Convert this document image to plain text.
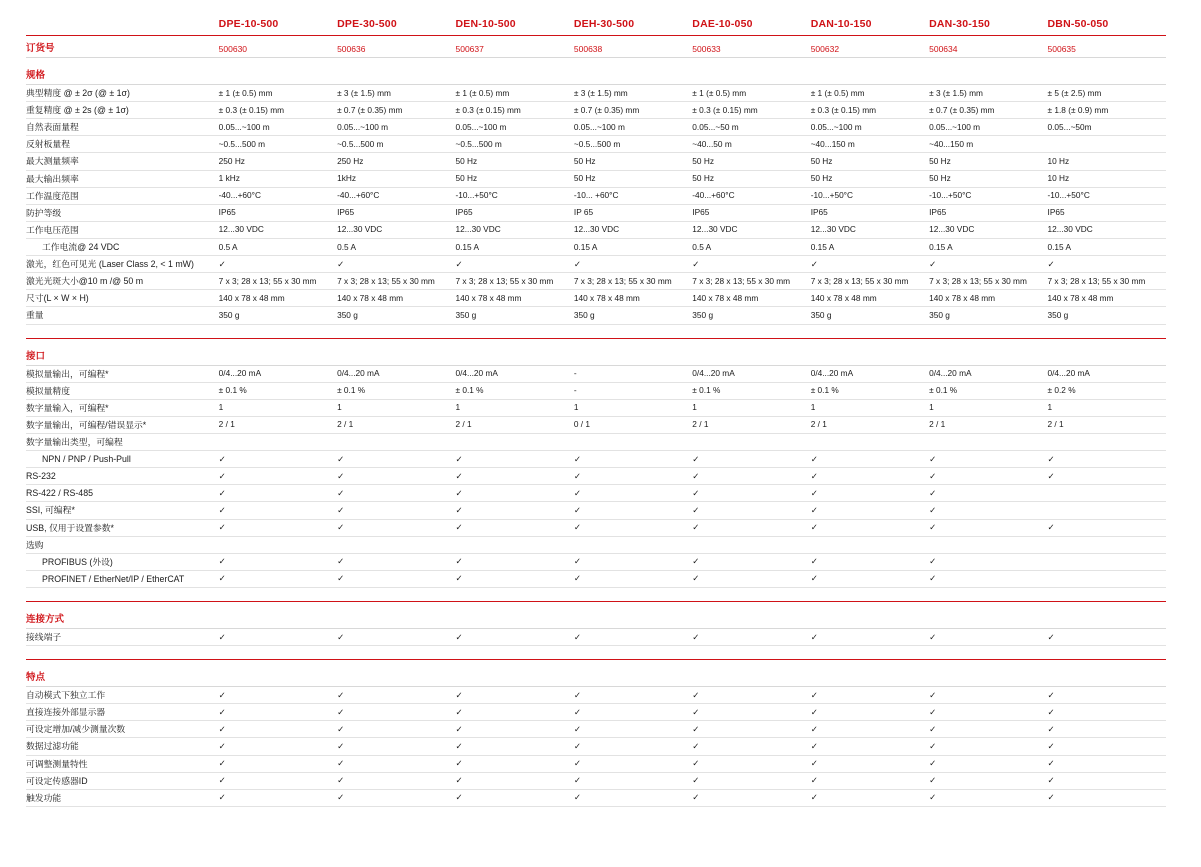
	DPE-10-500	DPE-30-500	DEN-10-500	DEH-30-500	DAE-10-050	DAN-10-150	DAN-30-150	DBN-50-050
订货号	500630	500636	500637	500638	500633	500632	500634	500635
规格								
典型精度 @ ± 2σ (@ ± 1σ)	± 1 (± 0.5) mm	± 3 (± 1.5) mm	± 1 (± 0.5) mm	± 3 (± 1.5) mm	± 1 (± 0.5) mm	± 1 (± 0.5) mm	± 3 (± 1.5) mm	± 5 (± 2.5) mm
重复精度 @ ± 2s (@ ± 1σ)	± 0.3 (± 0.15) mm	± 0.7 (± 0.35) mm	± 0.3 (± 0.15) mm	± 0.7 (± 0.35) mm	± 0.3 (± 0.15) mm	± 0.3 (± 0.15) mm	± 0.7 (± 0.35) mm	± 1.8 (± 0.9) mm
自然表面量程	0.05...~100 m	0.05...~100 m	0.05...~100 m	0.05...~100 m	0.05...~50 m	0.05...~100 m	0.05...~100 m	0.05...~50m
反射板量程	~0.5...500 m	~0.5...500 m	~0.5...500 m	~0.5...500 m	~40...50 m	~40...150 m	~40...150 m	
最大测量频率	250 Hz	250 Hz	50 Hz	50 Hz	50 Hz	50 Hz	50 Hz	10 Hz
最大输出频率	1 kHz	1kHz	50 Hz	50 Hz	50 Hz	50 Hz	50 Hz	10 Hz
工作温度范围	-40...+60°C	-40...+60°C	-10...+50°C	-10... +60°C	-40...+60°C	-10...+50°C	-10...+50°C	-10...+50°C
防护等级	IP65	IP65	IP65	IP 65	IP65	IP65	IP65	IP65
工作电压范围	12...30 VDC	12...30 VDC	12...30 VDC	12...30 VDC	12...30 VDC	12...30 VDC	12...30 VDC	12...30 VDC
工作电流@ 24 VDC	0.5 A	0.5 A	0.15 A	0.15 A	0.5 A	0.15 A	0.15 A	0.15 A
激光，红色可见光 (Laser Class 2, < 1 mW)	✓	✓	✓	✓	✓	✓	✓	✓
激光光斑大小@10 m /@ 50 m	7 x 3; 28 x 13; 55 x 30 mm	7 x 3; 28 x 13; 55 x 30 mm	7 x 3; 28 x 13; 55 x 30 mm	7 x 3; 28 x 13; 55 x 30 mm	7 x 3; 28 x 13; 55 x 30 mm	7 x 3; 28 x 13; 55 x 30 mm	7 x 3; 28 x 13; 55 x 30 mm	7 x 3; 28 x 13; 55 x 30 mm
尺寸(L × W × H)	140 x 78 x 48 mm	140 x 78 x 48 mm	140 x 78 x 48 mm	140 x 78 x 48 mm	140 x 78 x 48 mm	140 x 78 x 48 mm	140 x 78 x 48 mm	140 x 78 x 48 mm
重量	350 g	350 g	350 g	350 g	350 g	350 g	350 g	350 g

接口								
模拟量输出，可编程*	0/4...20 mA	0/4...20 mA	0/4...20 mA	-	0/4...20 mA	0/4...20 mA	0/4...20 mA	0/4...20 mA
模拟量精度	± 0.1 %	± 0.1 %	± 0.1 %	-	± 0.1 %	± 0.1 %	± 0.1 %	± 0.2 %
数字量输入，可编程*	1	1	1	1	1	1	1	1
数字量输出，可编程/错误显示*	2 / 1	2 / 1	2 / 1	0 / 1	2 / 1	2 / 1	2 / 1	2 / 1
数字量输出类型，可编程								
NPN / PNP / Push-Pull	✓	✓	✓	✓	✓	✓	✓	✓
RS-232	✓	✓	✓	✓	✓	✓	✓	✓
RS-422 / RS-485	✓	✓	✓	✓	✓	✓	✓	
SSI, 可编程*	✓	✓	✓	✓	✓	✓	✓	
USB, 仅用于设置参数*	✓	✓	✓	✓	✓	✓	✓	✓
选购								
PROFIBUS (外设)	✓	✓	✓	✓	✓	✓	✓	
PROFINET / EtherNet/IP / EtherCAT	✓	✓	✓	✓	✓	✓	✓	

连接方式								
接线端子	✓	✓	✓	✓	✓	✓	✓	✓

特点								
自动模式下独立工作	✓	✓	✓	✓	✓	✓	✓	✓
直接连接外部显示器	✓	✓	✓	✓	✓	✓	✓	✓
可设定增加/减少测量次数	✓	✓	✓	✓	✓	✓	✓	✓
数据过滤功能	✓	✓	✓	✓	✓	✓	✓	✓
可调整测量特性	✓	✓	✓	✓	✓	✓	✓	✓
可设定传感器ID	✓	✓	✓	✓	✓	✓	✓	✓
触发功能	✓	✓	✓	✓	✓	✓	✓	✓
